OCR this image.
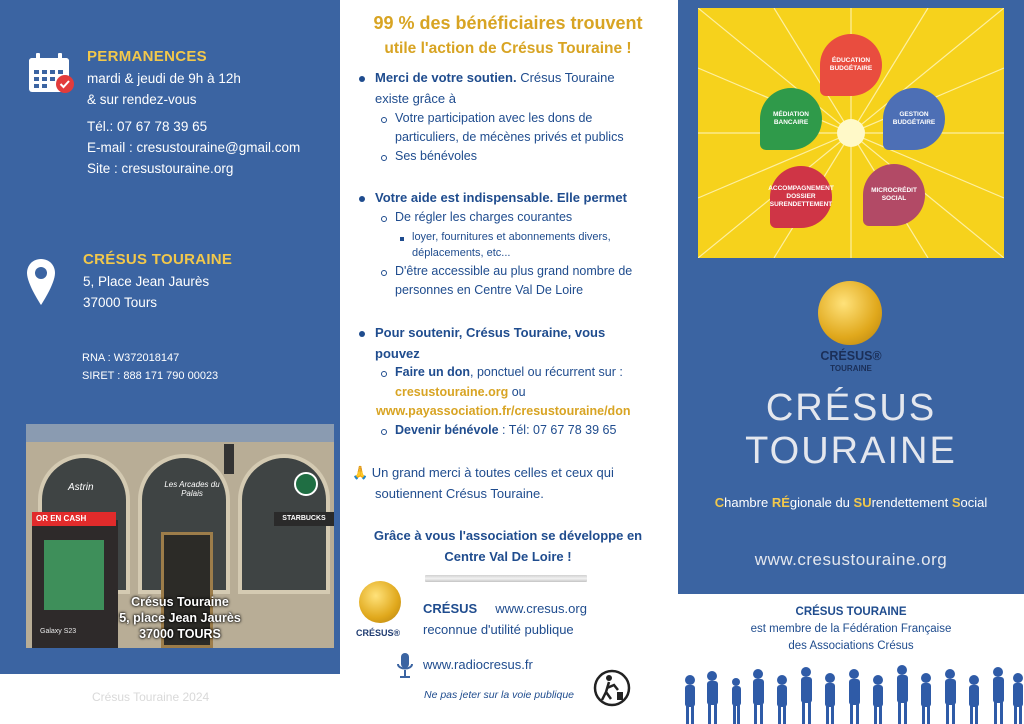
PERMANENCES
mardi & jeudi de 9h à 12h
& sur rendez-vous
Tél.: 07 67 78 39 65
E-mail : cresustouraine@gmail.com
Site : cresustouraine.org
CRÉSUS TOURAINE
5, Place Jean Jaurès
37000 Tours
RNA : W372018147
SIRET : 888 171 790 00023
OR EN CASH	STARBUCKS
Astrin	Les Arcades du Palais
Crésus Touraine
5, place Jean Jaurès
37000 TOURS
Galaxy S23
Crésus Touraine 2024
99 % des bénéficiaires trouvent
utile l'action de Crésus Touraine !
Merci de votre soutien. Crésus Touraine
existe grâce à
Votre participation avec les dons de
particuliers, de mécènes privés et publics
Ses bénévoles
Votre aide est indispensable. Elle permet
De régler les charges courantes
loyer, fournitures et abonnements divers,
déplacements, etc...
D'être accessible au plus grand nombre de
personnes en Centre Val De Loire
Pour soutenir, Crésus Touraine, vous
pouvez
Faire un don, ponctuel ou récurrent sur :
cresustouraine.org ou
www.payassociation.fr/cresustouraine/don
Devenir bénévole : Tél: 07 67 78 39 65
🙏 Un grand merci à toutes celles et ceux qui
soutiennent Crésus Touraine.
Grâce à vous l'association se développe en
Centre Val De Loire !
CRÉSUS®
CRÉSUS www.cresus.org
reconnue d'utilité publique
www.radiocresus.fr
Ne pas jeter sur la voie publique
ÉDUCATION BUDGÉTAIRE
GESTION BUDGÉTAIRE
MICROCRÉDIT SOCIAL
ACCOMPAGNEMENT DOSSIER SURENDETTEMENT
MÉDIATION BANCAIRE
CRÉSUS®
TOURAINE
CRÉSUS
TOURAINE
Chambre RÉgionale du SUrendettement Social
www.cresustouraine.org
CRÉSUS TOURAINE
est membre de la Fédération Française
des Associations Crésus
